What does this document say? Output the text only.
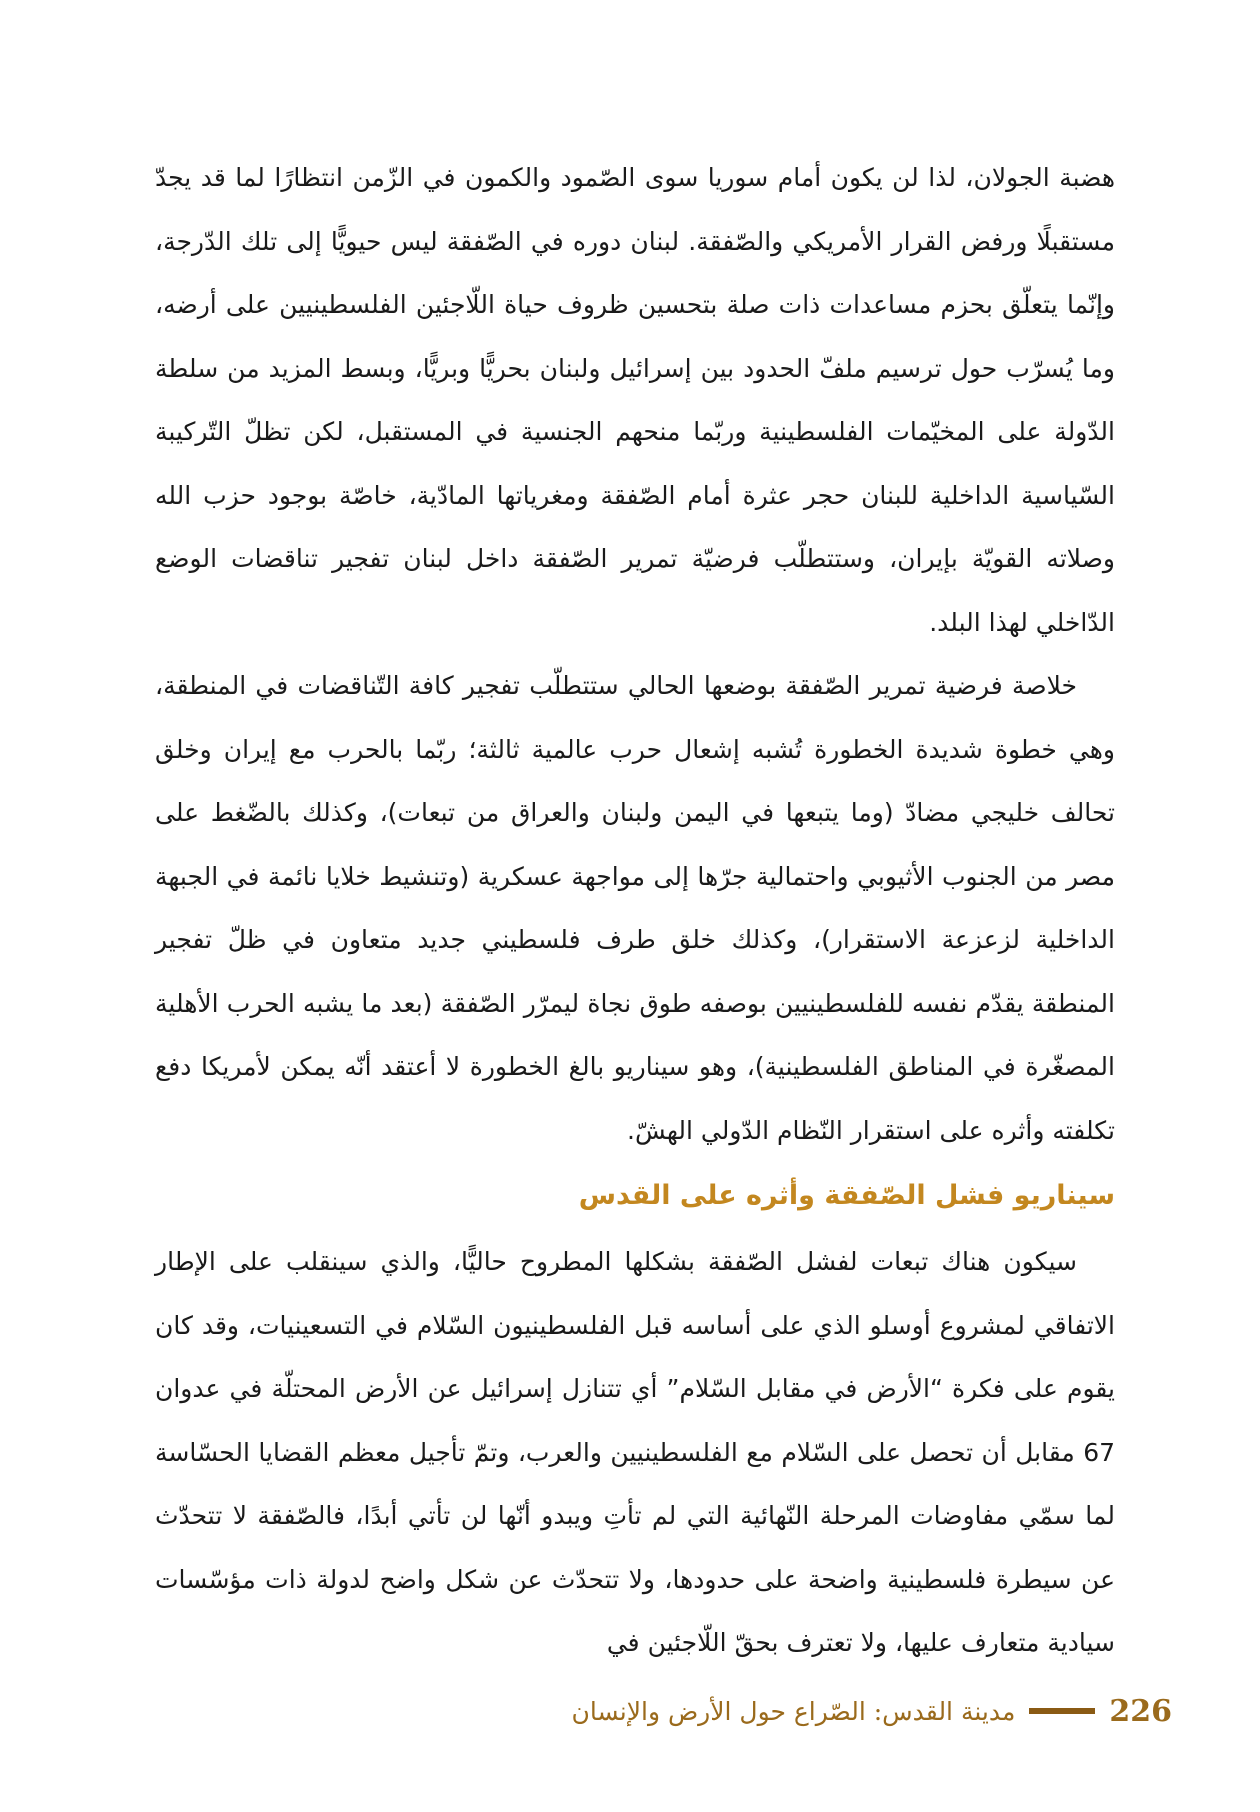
هضبة الجولان، لذا لن يكون أمام سوريا سوى الصّمود والكمون في الزّمن انتظارًا لما قد يجدّ مستقبلًا ورفض القرار الأمريكي والصّفقة. لبنان دوره في الصّفقة ليس حيويًّا إلى تلك الدّرجة، وإنّما يتعلّق بحزم مساعدات ذات صلة بتحسين ظروف حياة اللّاجئين الفلسطينيين على أرضه، وما يُسرّب حول ترسيم ملفّ الحدود بين إسرائيل ولبنان بحريًّا وبريًّا، وبسط المزيد من سلطة الدّولة على المخيّمات الفلسطينية وربّما منحهم الجنسية في المستقبل، لكن تظلّ التّركيبة السّياسية الداخلية للبنان حجر عثرة أمام الصّفقة ومغرياتها المادّية، خاصّة بوجود حزب الله وصلاته القويّة بإيران، وستتطلّب فرضيّة تمرير الصّفقة داخل لبنان تفجير تناقضات الوضع الدّاخلي لهذا البلد.

خلاصة فرضية تمرير الصّفقة بوضعها الحالي ستتطلّب تفجير كافة التّناقضات في المنطقة، وهي خطوة شديدة الخطورة تُشبه إشعال حرب عالمية ثالثة؛ ربّما بالحرب مع إيران وخلق تحالف خليجي مضادّ (وما يتبعها في اليمن ولبنان والعراق من تبعات)، وكذلك بالضّغط على مصر من الجنوب الأثيوبي واحتمالية جرّها إلى مواجهة عسكرية (وتنشيط خلايا نائمة في الجبهة الداخلية لزعزعة الاستقرار)، وكذلك خلق طرف فلسطيني جديد متعاون في ظلّ تفجير المنطقة يقدّم نفسه للفلسطينيين بوصفه طوق نجاة ليمرّر الصّفقة (بعد ما يشبه الحرب الأهلية المصغّرة في المناطق الفلسطينية)، وهو سيناريو بالغ الخطورة لا أعتقد أنّه يمكن لأمريكا دفع تكلفته وأثره على استقرار النّظام الدّولي الهشّ.

سيناريو فشل الصّفقة وأثره على القدس

سيكون هناك تبعات لفشل الصّفقة بشكلها المطروح حاليًّا، والذي سينقلب على الإطار الاتفاقي لمشروع أوسلو الذي على أساسه قبل الفلسطينيون السّلام في التسعينيات، وقد كان يقوم على فكرة “الأرض في مقابل السّلام” أي تتنازل إسرائيل عن الأرض المحتلّة في عدوان 67 مقابل أن تحصل على السّلام مع الفلسطينيين والعرب، وتمّ تأجيل معظم القضايا الحسّاسة لما سمّي مفاوضات المرحلة النّهائية التي لم تأتِ ويبدو أنّها لن تأتي أبدًا، فالصّفقة لا تتحدّث عن سيطرة فلسطينية واضحة على حدودها، ولا تتحدّث عن شكل واضح لدولة ذات مؤسّسات سيادية متعارف عليها، ولا تعترف بحقّ اللّاجئين في

مدينة القدس: الصّراع حول الأرض والإنسان	226
